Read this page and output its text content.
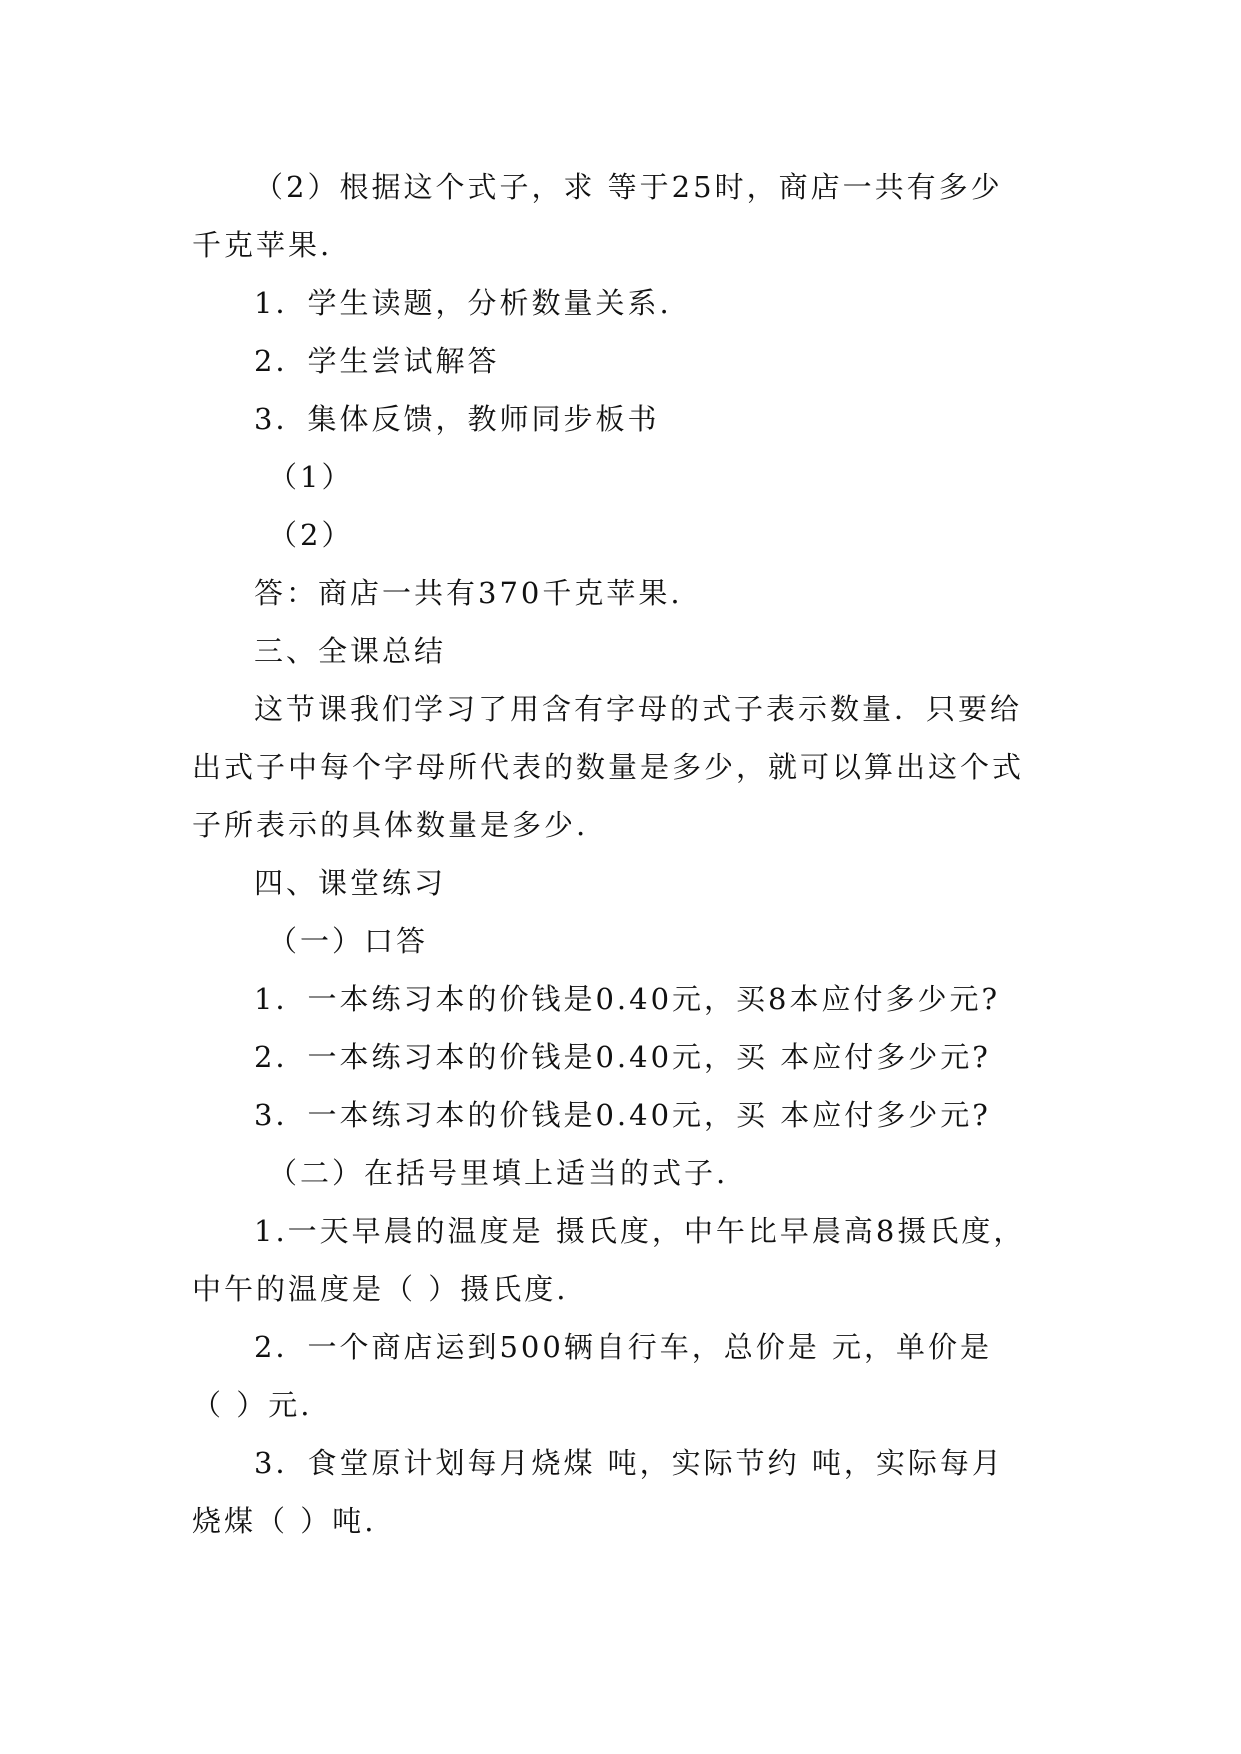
（2）根据这个式子，求 等于25时，商店一共有多少
千克苹果.
1．学生读题，分析数量关系.
2．学生尝试解答
3．集体反馈，教师同步板书
（1）
（2）
答：商店一共有370千克苹果.
三、全课总结
这节课我们学习了用含有字母的式子表示数量．只要给
出式子中每个字母所代表的数量是多少，就可以算出这个式
子所表示的具体数量是多少.
四、课堂练习
（一）口答
1．一本练习本的价钱是0.40元，买8本应付多少元?
2．一本练习本的价钱是0.40元，买 本应付多少元?
3．一本练习本的价钱是0.40元，买 本应付多少元?
（二）在括号里填上适当的式子.
1.一天早晨的温度是 摄氏度，中午比早晨高8摄氏度，
中午的温度是（ ）摄氏度.
2．一个商店运到500辆自行车，总价是 元，单价是
（ ）元.
3．食堂原计划每月烧煤 吨，实际节约 吨，实际每月
烧煤（ ）吨.
